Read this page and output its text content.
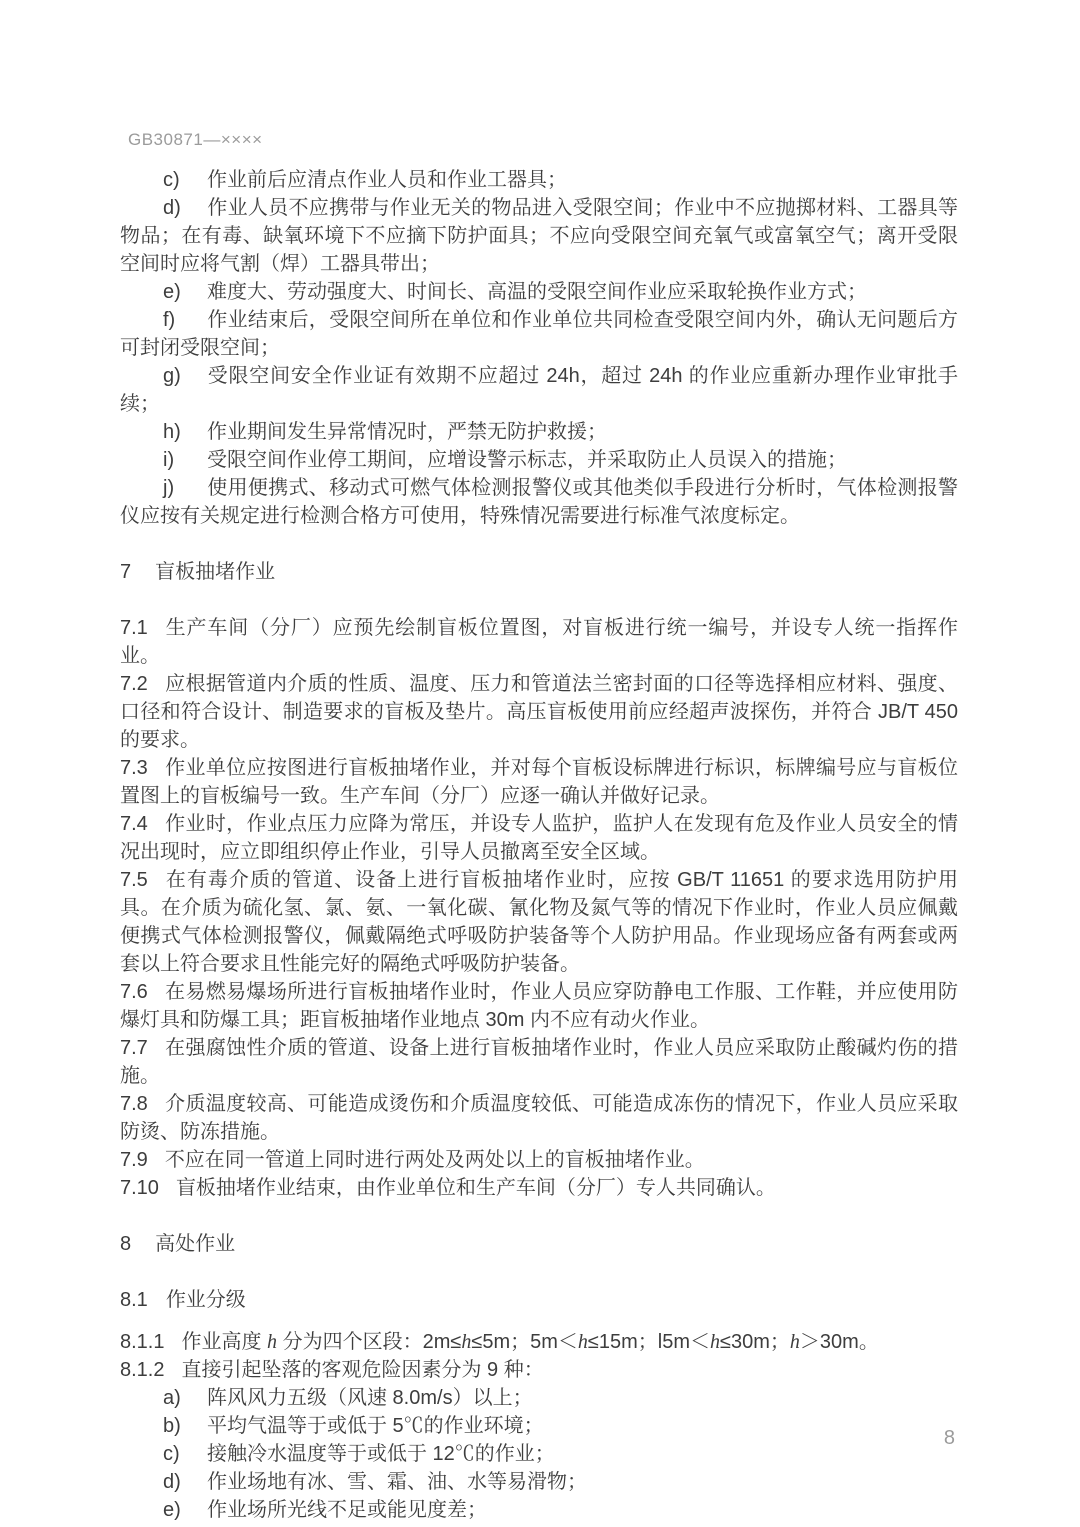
GB30871—××××

c) 作业前后应清点作业人员和作业工器具；

d) 作业人员不应携带与作业无关的物品进入受限空间；作业中不应抛掷材料、工器具等物品；在有毒、缺氧环境下不应摘下防护面具；不应向受限空间充氧气或富氧空气；离开受限空间时应将气割（焊）工器具带出；

e) 难度大、劳动强度大、时间长、高温的受限空间作业应采取轮换作业方式；

f) 作业结束后，受限空间所在单位和作业单位共同检查受限空间内外，确认无问题后方可封闭受限空间；

g) 受限空间安全作业证有效期不应超过 24h，超过 24h 的作业应重新办理作业审批手续；

h) 作业期间发生异常情况时，严禁无防护救援；

i) 受限空间作业停工期间，应增设警示标志，并采取防止人员误入的措施；

j) 使用便携式、移动式可燃气体检测报警仪或其他类似手段进行分析时，气体检测报警仪应按有关规定进行检测合格方可使用，特殊情况需要进行标准气浓度标定。

7 盲板抽堵作业

7.1 生产车间（分厂）应预先绘制盲板位置图，对盲板进行统一编号，并设专人统一指挥作业。

7.2 应根据管道内介质的性质、温度、压力和管道法兰密封面的口径等选择相应材料、强度、口径和符合设计、制造要求的盲板及垫片。高压盲板使用前应经超声波探伤，并符合 JB/T 450 的要求。

7.3 作业单位应按图进行盲板抽堵作业，并对每个盲板设标牌进行标识，标牌编号应与盲板位置图上的盲板编号一致。生产车间（分厂）应逐一确认并做好记录。

7.4 作业时，作业点压力应降为常压，并设专人监护，监护人在发现有危及作业人员安全的情况出现时，应立即组织停止作业，引导人员撤离至安全区域。

7.5 在有毒介质的管道、设备上进行盲板抽堵作业时，应按 GB/T 11651 的要求选用防护用具。在介质为硫化氢、氯、氨、一氧化碳、氰化物及氮气等的情况下作业时，作业人员应佩戴便携式气体检测报警仪，佩戴隔绝式呼吸防护装备等个人防护用品。作业现场应备有两套或两套以上符合要求且性能完好的隔绝式呼吸防护装备。

7.6 在易燃易爆场所进行盲板抽堵作业时，作业人员应穿防静电工作服、工作鞋，并应使用防爆灯具和防爆工具；距盲板抽堵作业地点 30m 内不应有动火作业。

7.7 在强腐蚀性介质的管道、设备上进行盲板抽堵作业时，作业人员应采取防止酸碱灼伤的措施。

7.8 介质温度较高、可能造成烫伤和介质温度较低、可能造成冻伤的情况下，作业人员应采取防烫、防冻措施。

7.9 不应在同一管道上同时进行两处及两处以上的盲板抽堵作业。

7.10 盲板抽堵作业结束，由作业单位和生产车间（分厂）专人共同确认。

8 高处作业
8.1 作业分级

8.1.1 作业高度 h 分为四个区段：2m≤h≤5m；5m＜h≤15m；l5m＜h≤30m；h＞30m。

8.1.2 直接引起坠落的客观危险因素分为 9 种：

a) 阵风风力五级（风速 8.0m/s）以上；

b) 平均气温等于或低于 5℃的作业环境；

c) 接触冷水温度等于或低于 12℃的作业；

d) 作业场地有冰、雪、霜、油、水等易滑物；

e) 作业场所光线不足或能见度差；

8
